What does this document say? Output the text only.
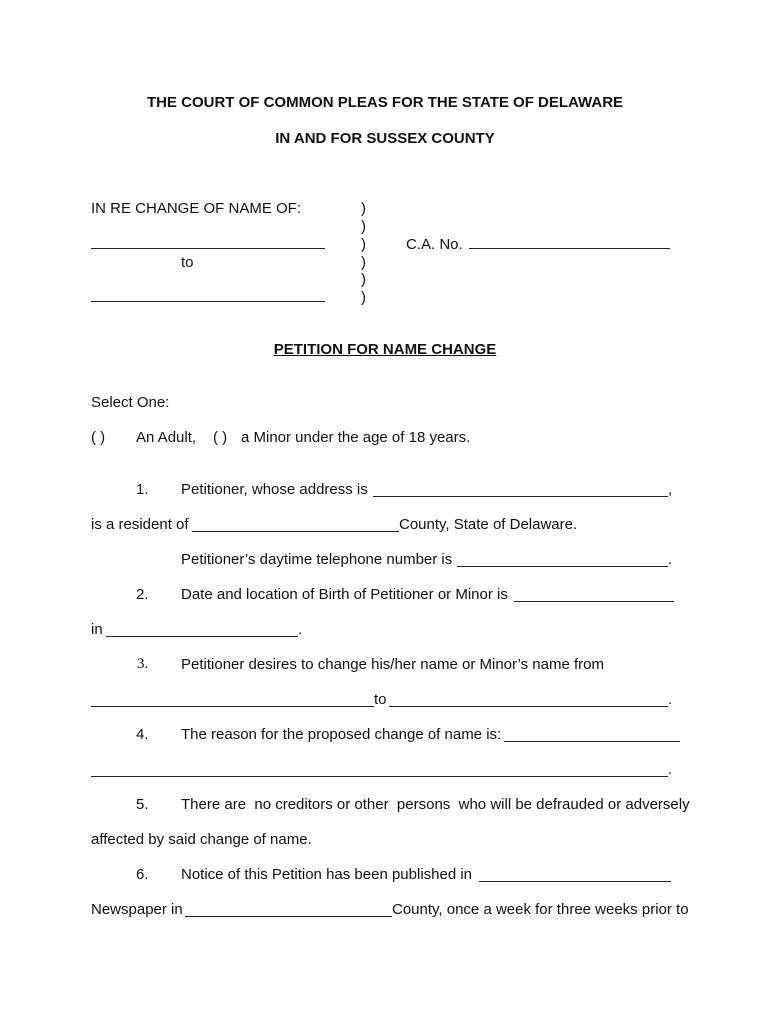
THE COURT OF COMMON PLEAS FOR THE STATE OF DELAWARE
IN AND FOR SUSSEX COUNTY
IN RE CHANGE OF NAME OF:
to
)
)
)
)
)
)
C.A. No.
PETITION FOR NAME CHANGE
Select One:
( ) An Adult, ( ) a Minor under the age of 18 years.
1. Petitioner, whose address is	,
is a resident of	County, State of Delaware.
Petitioner’s daytime telephone number is	.
2. Date and location of Birth of Petitioner or Minor is
in	.
3. Petitioner desires to change his/her name or Minor’s name from
to	.
4. The reason for the proposed change of name is:
.
5. There are  no creditors or other  persons  who will be defrauded or adversely
affected by said change of name.
6. Notice of this Petition has been published in
Newspaper in	County, once a week for three weeks prior to
